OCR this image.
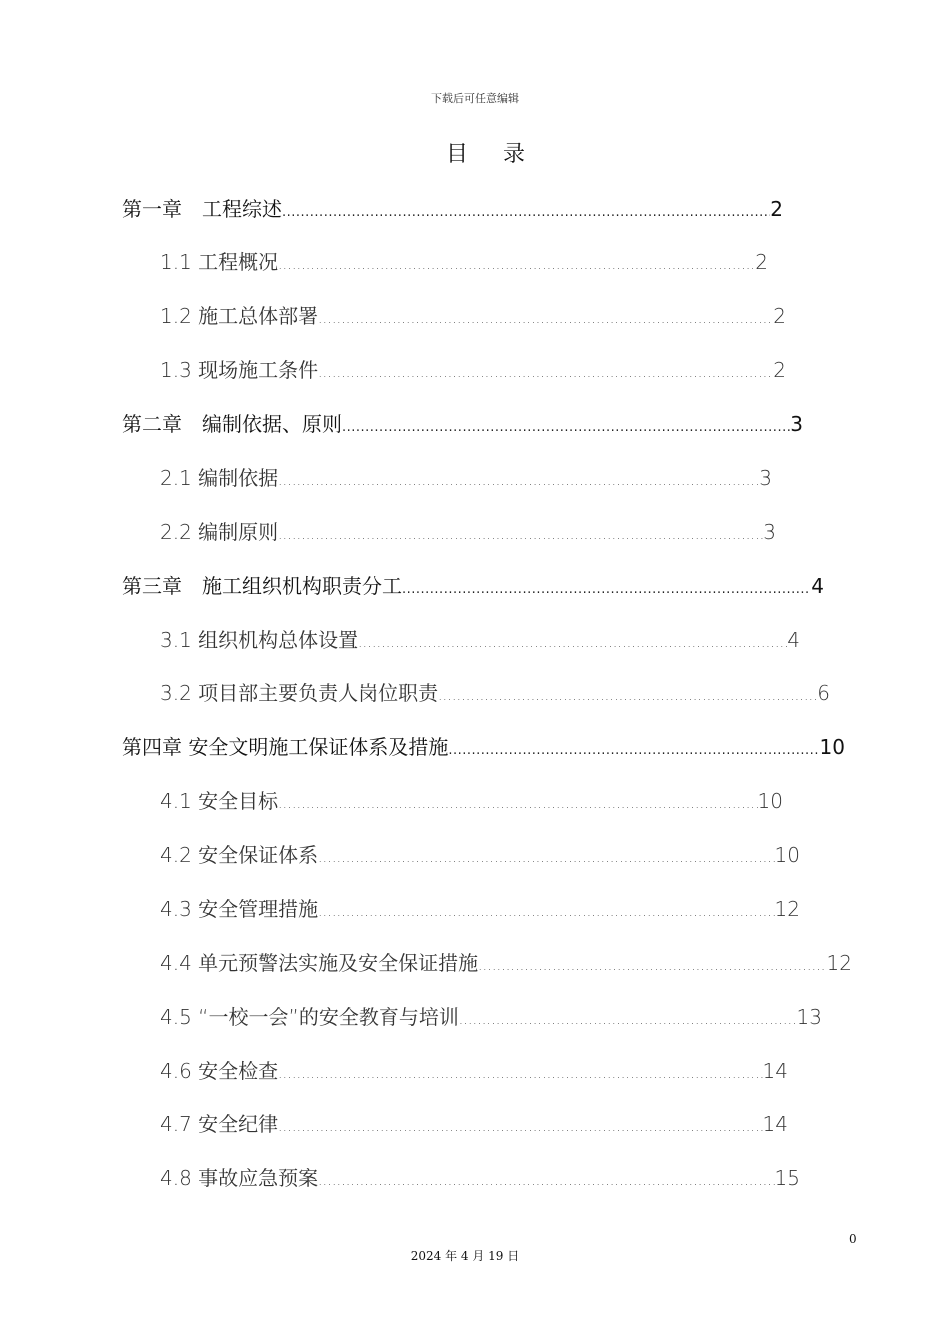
下载后可任意编辑
目 录
第一章　工程综述 .....	2
1.1 工程概况 .....	2
1.2 施工总体部署 .....	2
1.3 现场施工条件 .....	2
第二章　编制依据、原则 .....	3
2.1 编制依据 .....	3
2.2 编制原则 .....	3
第三章　施工组织机构职责分工 .....	4
3.1 组织机构总体设置 .....	4
3.2 项目部主要负责人岗位职责 .....	6
第四章 安全文明施工保证体系及措施 .....	10
4.1 安全目标 .....	10
4.2 安全保证体系 .....	10
4.3 安全管理措施 .....	12
4.4 单元预警法实施及安全保证措施 .....	12
4.5 “一校一会”的安全教育与培训 .....	13
4.6 安全检查 .....	14
4.7 安全纪律 .....	14
4.8 事故应急预案 .....	15
0
2024 年 4 月 19 日
